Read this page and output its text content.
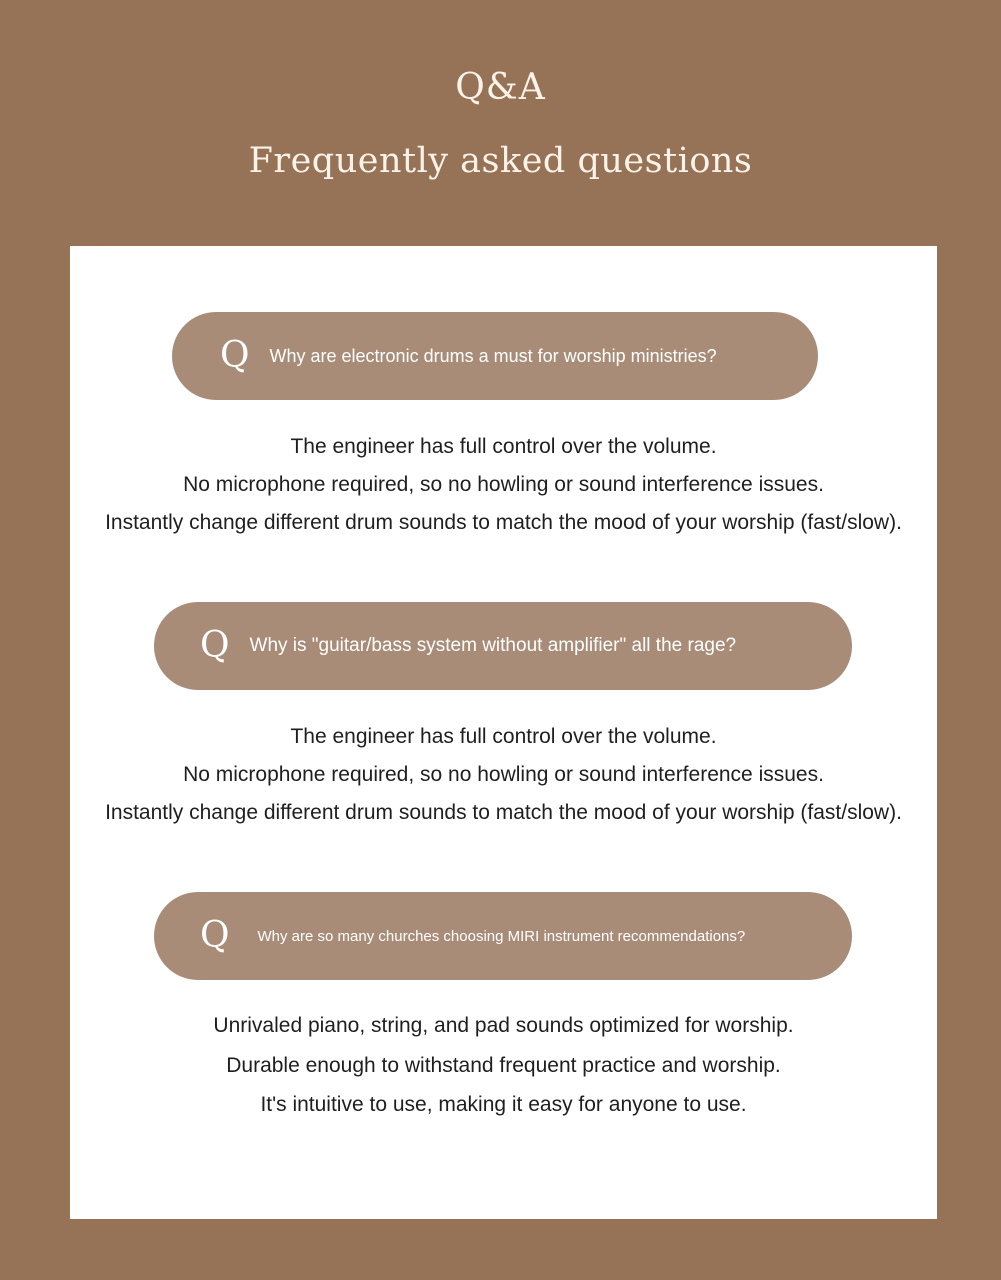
Q&A
Frequently asked questions
Q Why are electronic drums a must for worship ministries?
The engineer has full control over the volume.
No microphone required, so no howling or sound interference issues.
Instantly change different drum sounds to match the mood of your worship (fast/slow).
Q Why is "guitar/bass system without amplifier" all the rage?
The engineer has full control over the volume.
No microphone required, so no howling or sound interference issues.
Instantly change different drum sounds to match the mood of your worship (fast/slow).
Q Why are so many churches choosing MIRI instrument recommendations?
Unrivaled piano, string, and pad sounds optimized for worship.
Durable enough to withstand frequent practice and worship.
It's intuitive to use, making it easy for anyone to use.
